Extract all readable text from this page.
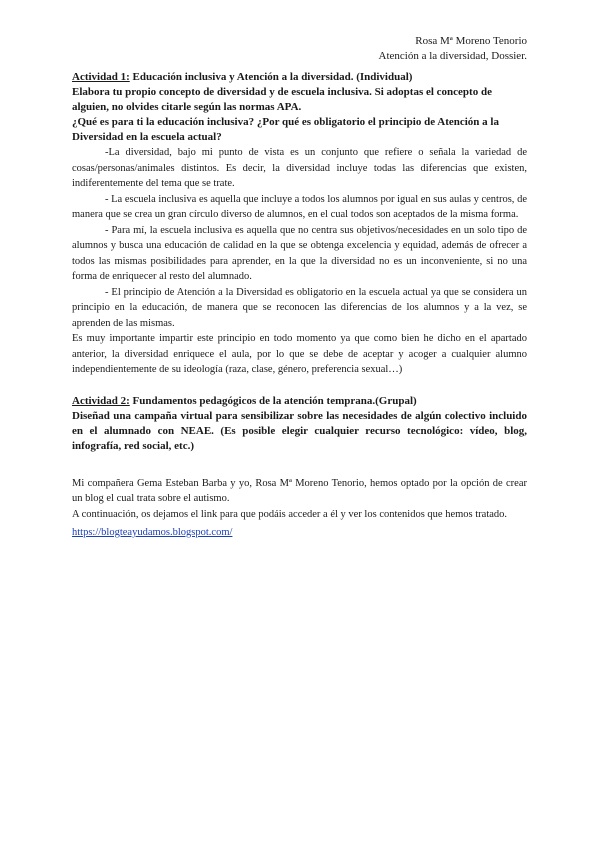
Rosa Mª Moreno Tenorio
Atención a la diversidad, Dossier.
Actividad 1: Educación inclusiva y Atención a la diversidad. (Individual)
Elabora tu propio concepto de diversidad y de escuela inclusiva. Si adoptas el concepto de alguien, no olvides citarle según las normas APA.
¿Qué es para ti la educación inclusiva? ¿Por qué es obligatorio el principio de Atención a la Diversidad en la escuela actual?
-La diversidad, bajo mi punto de vista es un conjunto que refiere o señala la variedad de cosas/personas/animales distintos. Es decir, la diversidad incluye todas las diferencias que existen, indiferentemente del tema que se trate.
- La escuela inclusiva es aquella que incluye a todos los alumnos por igual en sus aulas y centros, de manera que se crea un gran círculo diverso de alumnos, en el cual todos son aceptados de la misma forma.
- Para mí, la escuela inclusiva es aquella que no centra sus objetivos/necesidades en un solo tipo de alumnos y busca una educación de calidad en la que se obtenga excelencia y equidad, además de ofrecer a todos las mismas posibilidades para aprender, en la que la diversidad no es un inconveniente, si no una forma de enriquecer al resto del alumnado.
- El principio de Atención a la Diversidad es obligatorio en la escuela actual ya que se considera un principio en la educación, de manera que se reconocen las diferencias de los alumnos y a la vez, se aprenden de las mismas.
Es muy importante impartir este principio en todo momento ya que como bien he dicho en el apartado anterior, la diversidad enriquece el aula, por lo que se debe de aceptar y acoger a cualquier alumno independientemente de su ideología (raza, clase, género, preferencia sexual…)
Actividad 2: Fundamentos pedagógicos de la atención temprana.(Grupal)
Diseñad una campaña virtual para sensibilizar sobre las necesidades de algún colectivo incluido en el alumnado con NEAE. (Es posible elegir cualquier recurso tecnológico: vídeo, blog, infografía, red social, etc.)
Mi compañera Gema Esteban Barba y yo, Rosa Mª Moreno Tenorio, hemos optado por la opción de crear un blog el cual trata sobre el autismo.
A continuación, os dejamos el link para que podáis acceder a él y ver los contenidos que hemos tratado.
https://blogteayudamos.blogspot.com/
